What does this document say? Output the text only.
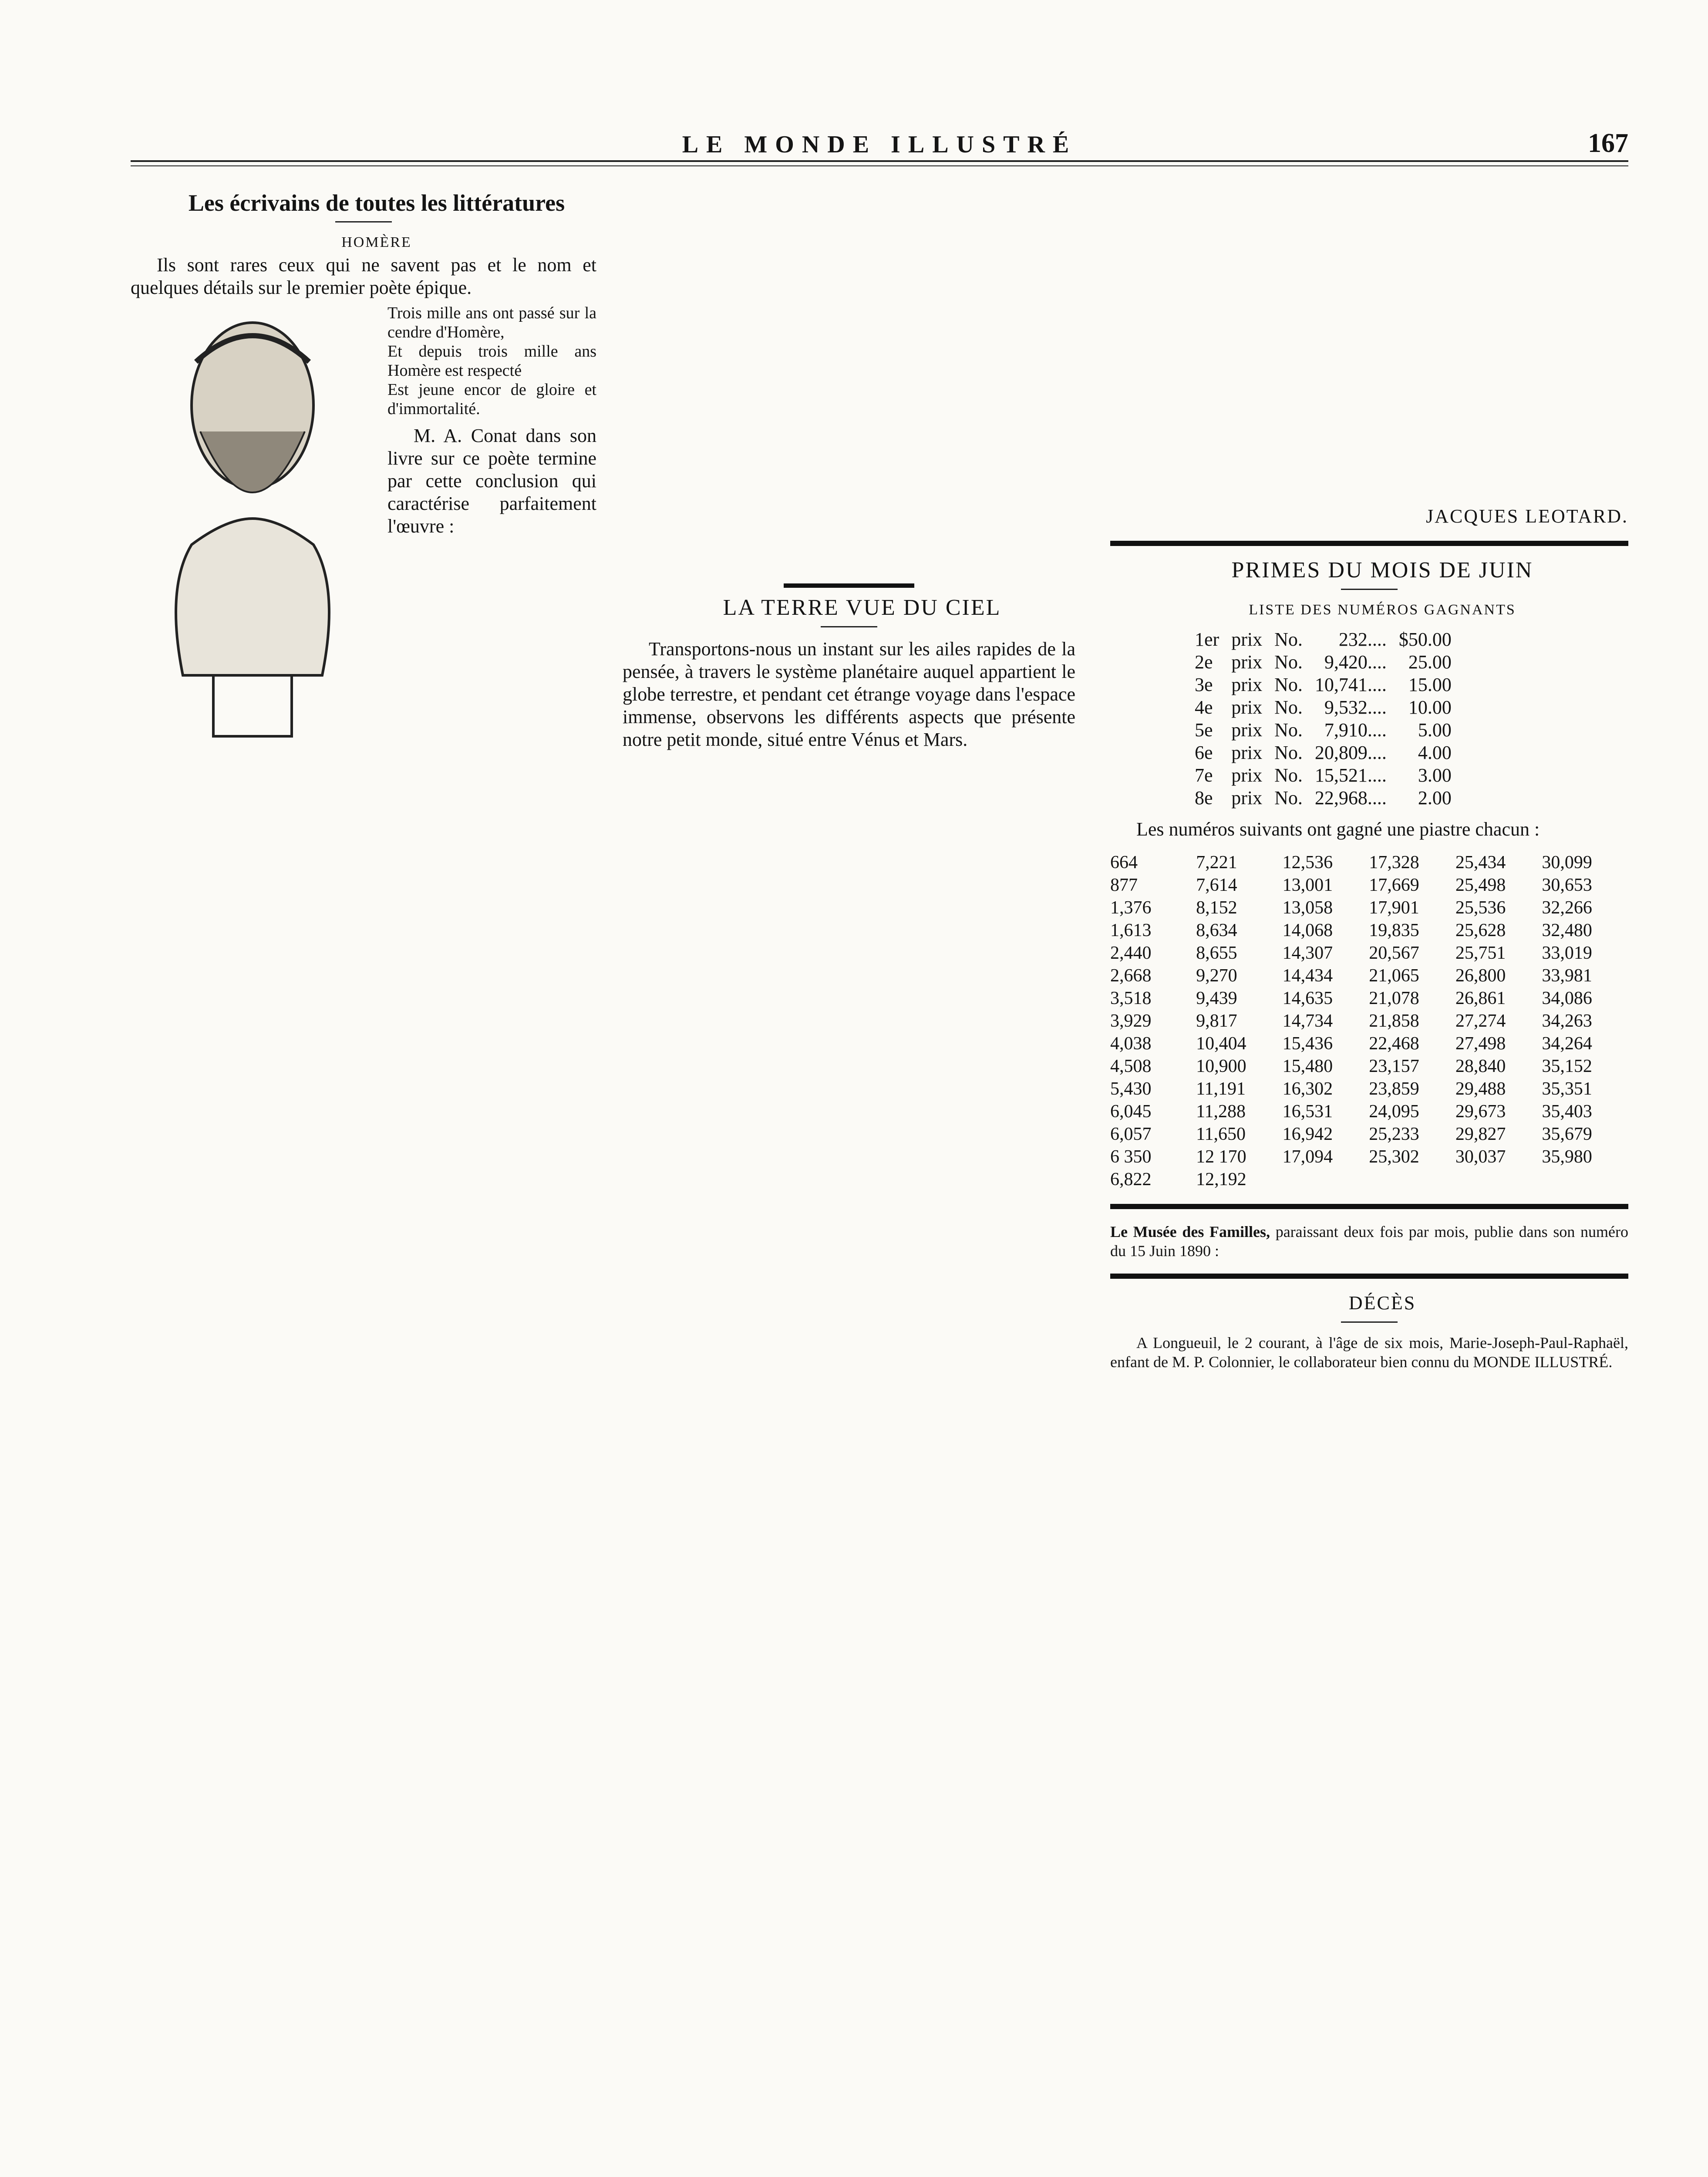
LE MONDE ILLUSTRÉ	167

Les écrivains de toutes les littératures

HOMÈRE

Ils sont rares ceux qui ne savent pas et le nom et quelques détails sur le premier poète épique.

Trois mille ans ont passé sur la cendre d'Homère,
Et depuis trois mille ans Homère est respecté
Est jeune encor de gloire et d'immortalité.

M. A. Conat dans son livre sur ce poète termine par cette conclusion qui caractérise parfaitement l'œuvre :

LA TERRE VUE DU CIEL

Transportons-nous un instant sur les ailes rapides de la pensée, à travers le système planétaire auquel appartient le globe terrestre, et pendant cet étrange voyage dans l'espace immense, observons les différents aspects que présente notre petit monde, situé entre Vénus et Mars.

JACQUES LEOTARD.

PRIMES DU MOIS DE JUIN

LISTE DES NUMÉROS GAGNANTS

1er	prix	No.	232....	$50.00
2e	prix	No.	9,420....	25.00
3e	prix	No.	10,741....	15.00
4e	prix	No.	9,532....	10.00
5e	prix	No.	7,910....	5.00
6e	prix	No.	20,809....	4.00
7e	prix	No.	15,521....	3.00
8e	prix	No.	22,968....	2.00

Les numéros suivants ont gagné une piastre chacun :

664	7,221	12,536	17,328	25,434	30,099
877	7,614	13,001	17,669	25,498	30,653
1,376	8,152	13,058	17,901	25,536	32,266
1,613	8,634	14,068	19,835	25,628	32,480
2,440	8,655	14,307	20,567	25,751	33,019
2,668	9,270	14,434	21,065	26,800	33,981
3,518	9,439	14,635	21,078	26,861	34,086
3,929	9,817	14,734	21,858	27,274	34,263
4,038	10,404	15,436	22,468	27,498	34,264
4,508	10,900	15,480	23,157	28,840	35,152
5,430	11,191	16,302	23,859	29,488	35,351
6,045	11,288	16,531	24,095	29,673	35,403
6,057	11,650	16,942	25,233	29,827	35,679
6 350	12 170	17,094	25,302	30,037	35,980
6,822	12,192				

Le Musée des Familles, paraissant deux fois par mois, publie dans son numéro du 15 Juin 1890 :

DÉCÈS

A Longueuil, le 2 courant, à l'âge de six mois, Marie-Joseph-Paul-Raphaël, enfant de M. P. Colonnier, le collaborateur bien connu du MONDE ILLUSTRÉ.
